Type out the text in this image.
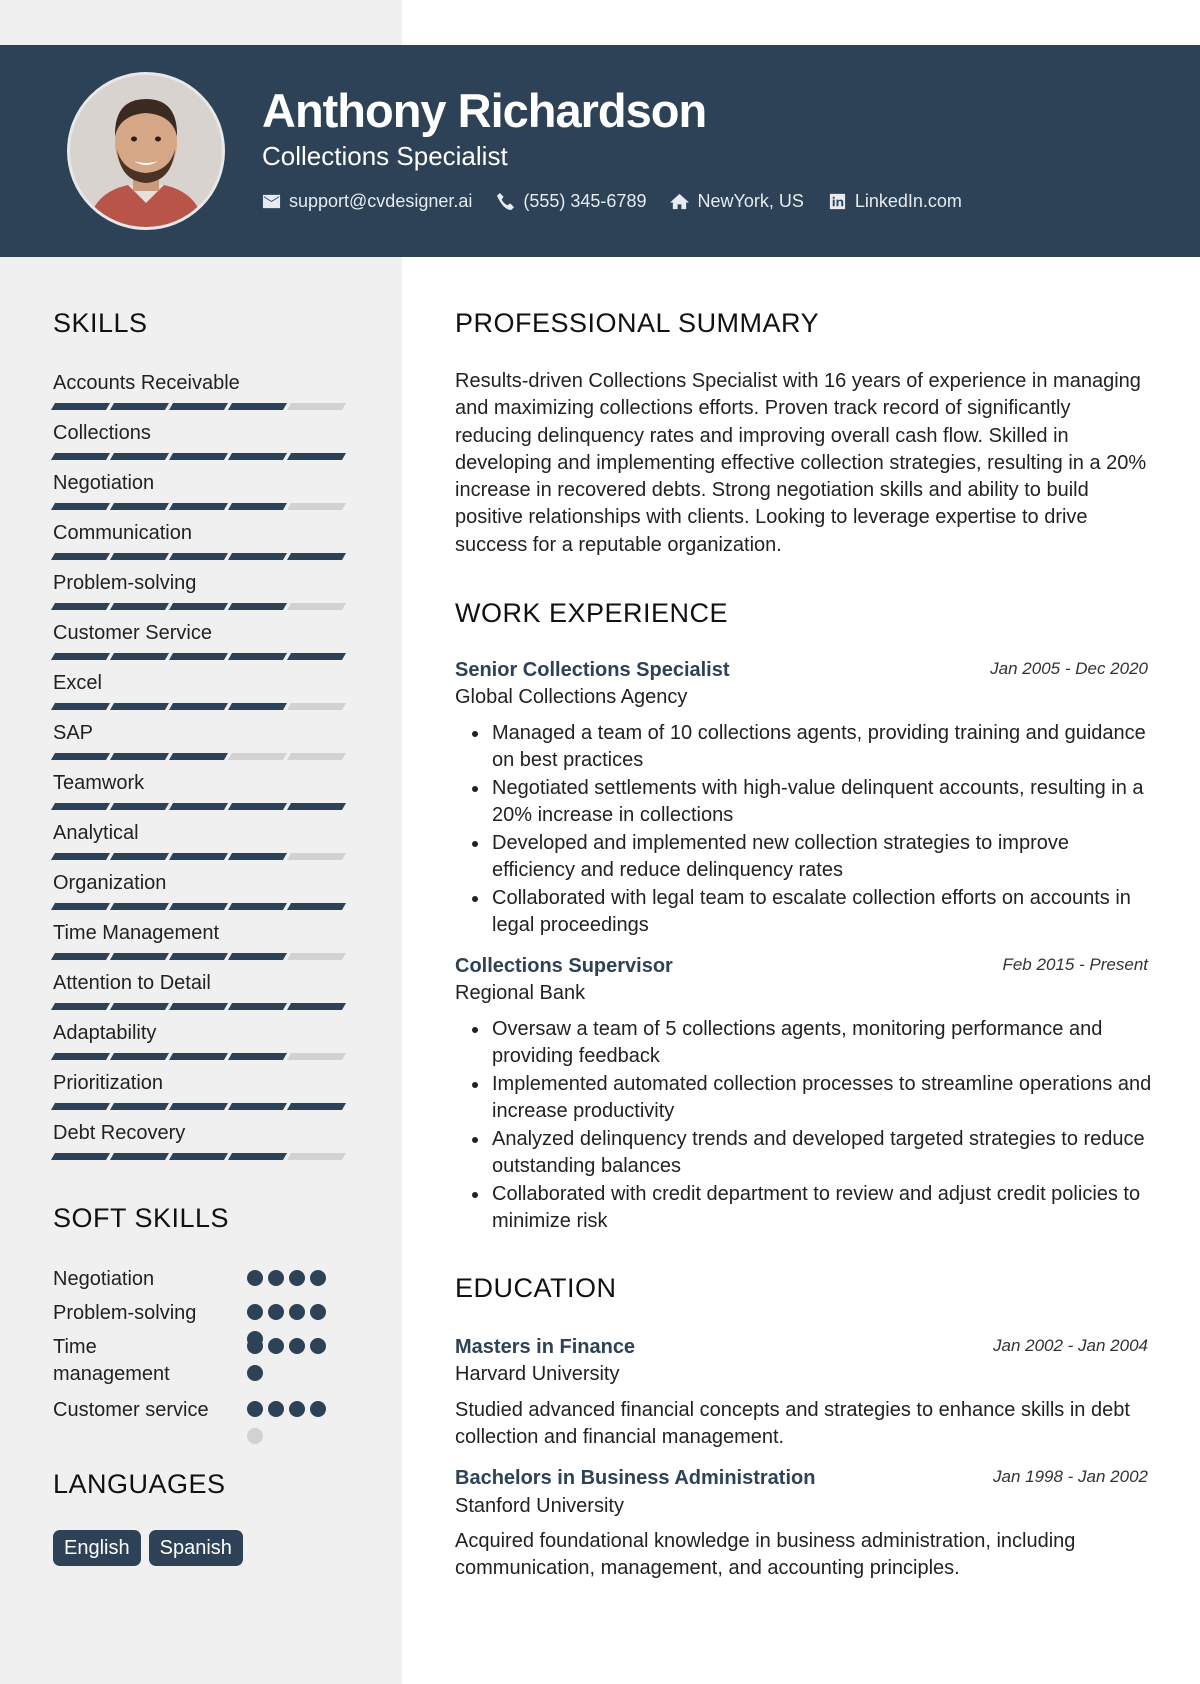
Anthony Richardson
Collections Specialist
support@cvdesigner.ai	(555) 345-6789	NewYork, US	LinkedIn.com
SKILLS
Accounts Receivable
Collections
Negotiation
Communication
Problem-solving
Customer Service
Excel
SAP
Teamwork
Analytical
Organization
Time Management
Attention to Detail
Adaptability
Prioritization
Debt Recovery
SOFT SKILLS
Negotiation
Problem-solving
Time management
Customer service
LANGUAGES
English	Spanish
PROFESSIONAL SUMMARY
Results-driven Collections Specialist with 16 years of experience in managing and maximizing collections efforts. Proven track record of significantly reducing delinquency rates and improving overall cash flow. Skilled in developing and implementing effective collection strategies, resulting in a 20% increase in recovered debts. Strong negotiation skills and ability to build positive relationships with clients. Looking to leverage expertise to drive success for a reputable organization.
WORK EXPERIENCE
Senior Collections Specialist	Jan 2005 - Dec 2020
Global Collections Agency
Managed a team of 10 collections agents, providing training and guidance on best practices
Negotiated settlements with high-value delinquent accounts, resulting in a 20% increase in collections
Developed and implemented new collection strategies to improve efficiency and reduce delinquency rates
Collaborated with legal team to escalate collection efforts on accounts in legal proceedings
Collections Supervisor	Feb 2015 - Present
Regional Bank
Oversaw a team of 5 collections agents, monitoring performance and providing feedback
Implemented automated collection processes to streamline operations and increase productivity
Analyzed delinquency trends and developed targeted strategies to reduce outstanding balances
Collaborated with credit department to review and adjust credit policies to minimize risk
EDUCATION
Masters in Finance	Jan 2002 - Jan 2004
Harvard University
Studied advanced financial concepts and strategies to enhance skills in debt collection and financial management.
Bachelors in Business Administration	Jan 1998 - Jan 2002
Stanford University
Acquired foundational knowledge in business administration, including communication, management, and accounting principles.
